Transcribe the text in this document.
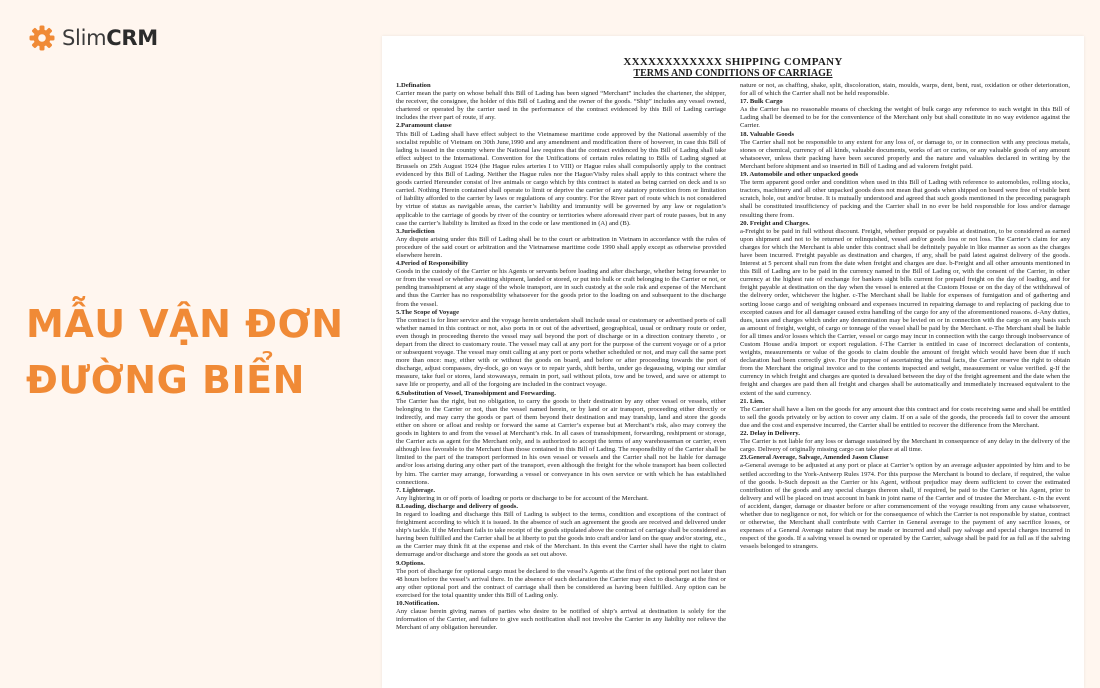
SlimCRM
MẪU VẬN ĐƠN
ĐƯỜNG BIỂN
XXXXXXXXXXXX SHIPPING COMPANY
TERMS AND CONDITIONS OF CARRIAGE
1.Defination

Carrier mean the party on whose behalf this Bill of Lading has been signed “Merchant” includes the chartener, the shipper, the receiver, the consignee, the holder of this Bill of Lading and the owner of the goods. “Ship” includes any vessel owned, chartered or operated by the carrier used in the performance of the contract evidenced by this Bill of Lading carriage includes the river part of route, if any.

2.Paramount clause

This Bill of Lading shall have effect subject to the Vietnamese maritime code approved by the National assembly of the socialist republic of Vietnam on 30th June,1990 and any amendment and modification there of however, in case this Bill of lading is issued in the country where the National law requires that the contract evidenced by this Bill of Lading shall take effect subject to the International. Convention for the Unifications of certain rules relating to Bills of Lading signed at Brussels on 25th August 1924 (the Hague rules arteries I to VIII) or Hague rules shall compulsorily apply to the contract evidenced by this Bill of Lading. Neither the Hague rules nor the Hague/Visby rules shall apply to this contract where the goods carried Hereunder consist of live animals or cargo which by this contract is stated as being carried on deck and is so carried. Nothing Herein contained shall operate to limit or deprive the carrier of any statutory protection from or limitation of liability afforded to the carrier by laws or regulations of any country. For the River part of route which is not considered by virtue of status as navigable areas, the carrier’s liability and immunity will be governed by any law or regulation’s applicable to the carriage of goods by river of the country or territories where aforesaid river part of route passes, but in any case the carrier’s liability is limited as fixed in the code or law mentioned in (A) and (B).

3.Jurisdiction

Any dispute arising under this Bill of Lading shall be to the court or arbitration in Vietnam in accordance with the rules of procedure of the said court or arbitration and the Vietnamese maritime code 1990 shall apply except as otherwise provided elsewhere herein.

4.Period of Responsibility

Goods in the custody of the Carrier or his Agents or servants before loading and after discharge, whether being forwarder to or from the vessel or whether awaiting shipment, landed or stored, or put into hulk or craft belonging to the Carrier or not, or pending transshipment at any stage of the whole transport, are in such custody at the sole risk and expense of the Merchant and thus the Carrier has no responsibility whatsoever for the goods prior to the loading on and subsequent to the discharge from the vessel.

5.The Scope of Voyage

The contract is for liner service and the voyage herein undertaken shall include usual or customary or advertised ports of call whether named in this contract or not, also ports in or out of the advertised, geographical, usual or ordinary route or order, even though in proceeding thereto the vessel may sail beyond the port of discharge or in a direction contrary thereto , or depart from the direct to customary route. The vessel may call at any port for the purpose of the current voyage or of a prior or subsequent voyage. The vessel may omit calling at any port or ports whether scheduled or not, and may call the same port more than once: may, either with or without the goods on board, and before or after proceeding towards the port of discharge, adjust compasses, dry-dock, go on ways or to repair yards, shift berths, under go degaussing, wiping our similar measure, take fuel or stores, land stowaways, remain in port, sail without pilots, tow and be towed, and save or attempt to save life or property, and all of the forgoing are included in the contract voyage.

6.Substitution of Vessel, Transshipment and Forwarding.

The Carrier has the right, but no obligation, to carry the goods to their destination by any other vessel or vessels, either belonging to the Carrier or not, than the vessel named herein, or by land or air transport, proceeding either directly or indirectly, and may carry the goods or part of them beyond their destination and may tranship, land and store the goods either on shore or afloat and reship or forward the same at Carrier’s expense but at Merchant’s risk, also may convey the goods in lighters to and from the vessel at Merchant’s risk. In all cases of transshipment, forwarding, reshipment or storage, the Carrier acts as agent for the Merchant only, and is authorized to accept the terms of any warehouseman or carrier, even although less favorable to the Merchant than those contained in this Bill of Lading. The responsibility of the Carrier shall be limited to the part of the transport performed in his own vessel or vessels and the Carrier shall not be liable for damage and/or loss arising during any other part of the transport, even although the freight for the whole transport has been collected by him. The carrier may arrange, forwarding a vessel or conveyance in his own service or with which he has established connections.

7. Lighterage.

Any lightering in or off ports of loading or ports or discharge to be for account of the Merchant.

8.Loading, discharge and delivery of goods.

In regard to loading and discharge this Bill of Lading is subject to the terms, condition and exceptions of the contract of freightment according to which it is issued. In the absence of such an agreement the goods are received and delivered under ship’s tackle. If the Merchant fails to take receipt of the goods stipulated above the contract of carriage shall be considered as having been fulfilled and the Carrier shall be at liberty to put the goods into craft and/or land on the quay and/or storing, etc., as the Carrier may think fit at the expense and risk of the Merchant. In this event the Carrier shall have the right to claim demurrage and/or discharge and store the goods as set out above.

9.Options.

The port of discharge for optional cargo must be declared to the vessel’s Agents at the first of the optional port not later than 48 hours before the vessel’s arrival there. In the absence of such declaration the Carrier may elect to discharge at the first or any other optional port and the contract of carriage shall then be considered as having been fulfilled. Any option can be exercised for the total quantity under this Bill of Lading only.

10.Notification.

Any clause herein giving names of parties who desire to be notified of ship’s arrival at destination is solely for the information of the Carrier, and failure to give such notification shall not involve the Carrier in any liability nor relieve the Merchant of any obligation hereunder.

nature or not, as chaffing, shake, split, discoloration, stain, moulds, warps, dent, bent, rust, oxidation or other deterioration, for all of which the Carrier shall not be held responsible.

17. Bulk Cargo

As the Carrier has no reasonable means of checking the weight of bulk cargo any reference to such weight in this Bill of Lading shall be deemed to be for the convenience of the Merchant only but shall constitute in no way evidence against the Carrier.

18. Valuable Goods

The Carrier shall not be responsible to any extent for any loss of, or damage to, or in connection with any precious metals, stones or chemical, currency of all kinds, valuable documents, works of art or curios, or any valuable goods of any amount whatsoever, unless their packing have been secured properly and the nature and valuables declared in writing by the Merchant before shipment and so inserted in Bill of Lading and ad valorem freight paid.

19. Automobile and other unpacked goods

The term apparent good order and condition when used in this Bill of Lading with reference to automobiles, rolling stocks, tractors, machinery and all other unpacked goods does not mean that goods when shipped on board were free of visible bent scratch, hole, out and/or bruise. It is mutually understood and agreed that such goods mentioned in the preceding paragraph shall be constituted insufficiency of packing and the Carrier shall in no ever be held responsible for loss and/or damage resulting there from.

20. Freight and Charges.

a-Freight to be paid in full without discount. Freight, whether prepaid or payable at destination, to be considered as earned upon shipment and not to be returned or relinquished, vessel and/or goods loss or not loss. The Carrier’s claim for any charges for which the Merchant is able under this contract shall be definitely payable in like manner as soon as the charges have been incurred. Freight payable as destination and charges, if any, shall be paid latest against delivery of the goods. Interest at 5 percent shall run from the date when freight and charges are due. b-Freight and all other amounts mentioned in this Bill of Lading are to be paid in the currency named in the Bill of Lading or, with the consent of the Carrier, in other currency at the highest rate of exchange for bankers sight bills current for prepaid freight on the day of loading, and for freight payable at destination on the day when the vessel is entered at the Custom House or on the day of the withdrawal of the delivery order, whichever the higher. c-The Merchant shall be liable for expenses of fumigation and of gathering and sorting loose cargo and of weighing onboard and expenses incurred in repairing damage to and replacing of packing due to excepted causes and for all damager caused extra handling of the cargo for any of the aforementioned reasons. d-Any duties, dues, taxes and charges which under any denomination may be levied on or in connection with the cargo on any basis such as amount of freight, weight, of cargo or tonnage of the vessel shall be paid by the Merchant. e-The Merchant shall be liable for all times and/or losses which the Carrier, vessel or cargo may incur in connection with the cargo through inobservance of Custom House and/a import or export regulation. f-The Carrier is entitled in case of incorrect declaration of contents, weights, measurements or value of the goods to claim double the amount of freight which would have been due if such declaration had been correctly give. For the purpose of ascertaining the actual facts, the Carrier reserve the right to obtain from the Merchant the original invoice and to the contents inspected and weight, measurement or value verified. g-If the currency in which freight and charges are quoted is devalued between the day of the freight agreement and the date when the freight and charges are paid then all freight and charges shall be automatically and immediately increased equivalent to the extent of the said currency.

21. Lien.

The Carrier shall have a lien on the goods for any amount due this contract and for costs receiving same and shall be entitled to sell the goods privately or by action to cover any claim. If on a sale of the goods, the proceeds fail to cover the amount due and the cost and expensive incurred, the Carrier shall be entitled to recover the difference from the Merchant.

22. Delay in Delivery.

The Carrier is not liable for any loss or damage sustained by the Merchant in consequence of any delay in the delivery of the cargo. Delivery of originally missing cargo can take place at all time.

23.General Average, Salvage, Amended Jason Clause

a-General average to be adjusted at any port or place at Carrier’s option by an average adjuster appointed by him and to be settled according to the York-Antwerp Rules 1974. For this purpose the Merchant is bound to declare, if required, the value of the goods. b-Such deposit as the Carrier or his Agent, without prejudice may deem sufficient to cover the estimated contribution of the goods and any special charges thereon shall, if required, be paid to the Carrier or his Agent, prior to delivery and will be placed on trust account in bank in joint name of the Carrier and of trustee the Merchant. c-In the event of accident, danger, damage or disaster before or after commencement of the voyage resulting from any cause whatsoever, whether due to negligence or not, for which or for the consequence of which the Carrier is not responsible by statue, contract or otherwise, the Merchant shall contribute with Carrier in General average to the payment of any sacrifice losses, or expenses of a General Average nature that may be made or incurred and shall pay salvage and special charges incurred in respect of the goods. If a salving vessel is owned or operated by the Carrier, salvage shall be paid for as full as if the salving vessels belonged to strangers.
